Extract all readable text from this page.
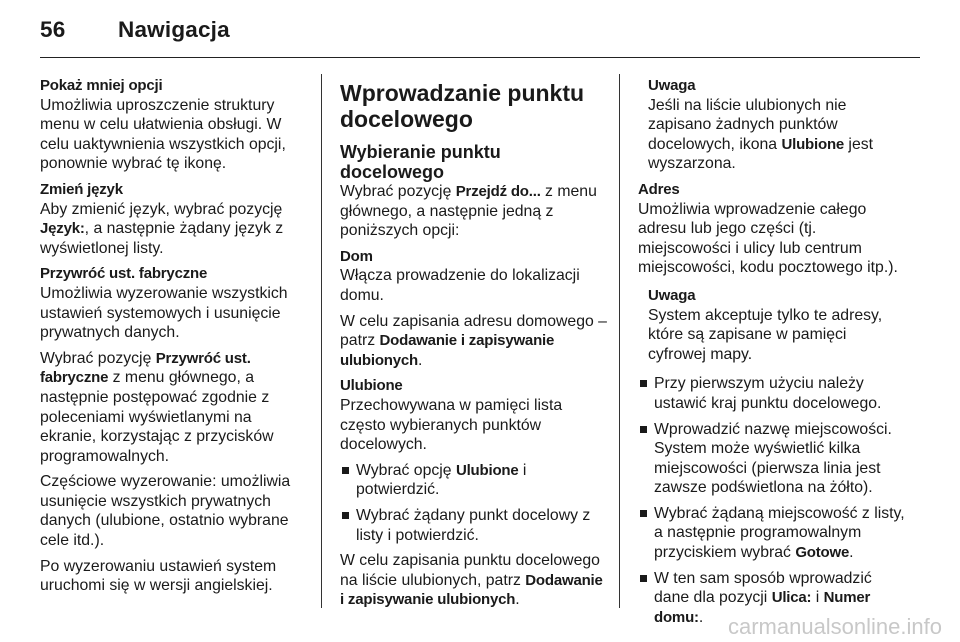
56 Nawigacja

Pokaż mniej opcji

Umożliwia uproszczenie struktury menu w celu ułatwienia obsługi. W celu uaktywnienia wszystkich opcji, ponownie wybrać tę ikonę.

Zmień język

Aby zmienić język, wybrać pozycję Język:, a następnie żądany język z wyświetlonej listy.

Przywróć ust. fabryczne

Umożliwia wyzerowanie wszystkich ustawień systemowych i usunięcie prywatnych danych.

Wybrać pozycję Przywróć ust. fabryczne z menu głównego, a następnie postępować zgodnie z poleceniami wyświetlanymi na ekranie, korzystając z przycisków programowalnych.

Częściowe wyzerowanie: umożliwia usunięcie wszystkich prywatnych danych (ulubione, ostatnio wybrane cele itd.).

Po wyzerowaniu ustawień system uruchomi się w wersji angielskiej.

Wprowadzanie punktu docelowego
Wybieranie punktu docelowego

Wybrać pozycję Przejdź do... z menu głównego, a następnie jedną z poniższych opcji:

Dom

Włącza prowadzenie do lokalizacji domu.

W celu zapisania adresu domowego – patrz Dodawanie i zapisywanie ulubionych.

Ulubione

Przechowywana w pamięci lista często wybieranych punktów docelowych.

Wybrać opcję Ulubione i potwierdzić.
Wybrać żądany punkt docelowy z listy i potwierdzić.

W celu zapisania punktu docelowego na liście ulubionych, patrz Dodawanie i zapisywanie ulubionych.

Uwaga

Jeśli na liście ulubionych nie zapisano żadnych punktów docelowych, ikona Ulubione jest wyszarzona.

Adres

Umożliwia wprowadzenie całego adresu lub jego części (tj. miejscowości i ulicy lub centrum miejscowości, kodu pocztowego itp.).

Uwaga

System akceptuje tylko te adresy, które są zapisane w pamięci cyfrowej mapy.

Przy pierwszym użyciu należy ustawić kraj punktu docelowego.
Wprowadzić nazwę miejscowości. System może wyświetlić kilka miejscowości (pierwsza linia jest zawsze podświetlona na żółto).
Wybrać żądaną miejscowość z listy, a następnie programowalnym przyciskiem wybrać Gotowe.
W ten sam sposób wprowadzić dane dla pozycji Ulica: i Numer domu:.	carmanualsonline.info
